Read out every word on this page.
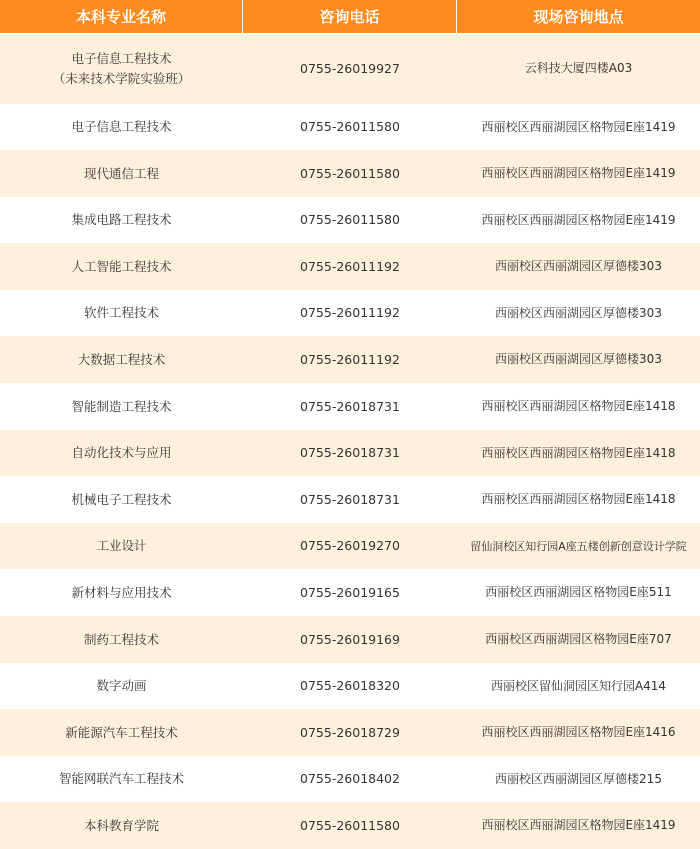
本科专业名称	咨询电话	现场咨询地点
电子信息工程技术
（未来技术学院实验班）
0755-26019927	云科技大厦四楼A03
电子信息工程技术	0755-26011580	西丽校区西丽湖园区格物园E座1419
现代通信工程	0755-26011580	西丽校区西丽湖园区格物园E座1419
集成电路工程技术	0755-26011580	西丽校区西丽湖园区格物园E座1419
人工智能工程技术	0755-26011192	西丽校区西丽湖园区厚德楼303
软件工程技术	0755-26011192	西丽校区西丽湖园区厚德楼303
大数据工程技术	0755-26011192	西丽校区西丽湖园区厚德楼303
智能制造工程技术	0755-26018731	西丽校区西丽湖园区格物园E座1418
自动化技术与应用	0755-26018731	西丽校区西丽湖园区格物园E座1418
机械电子工程技术	0755-26018731	西丽校区西丽湖园区格物园E座1418
工业设计	0755-26019270	留仙洞校区知行园A座五楼创新创意设计学院
新材料与应用技术	0755-26019165	西丽校区西丽湖园区格物园E座511
制药工程技术	0755-26019169	西丽校区西丽湖园区格物园E座707
数字动画	0755-26018320	西丽校区留仙洞园区知行园A414
新能源汽车工程技术	0755-26018729	西丽校区西丽湖园区格物园E座1416
智能网联汽车工程技术	0755-26018402	西丽校区西丽湖园区厚德楼215
本科教育学院	0755-26011580	西丽校区西丽湖园区格物园E座1419
